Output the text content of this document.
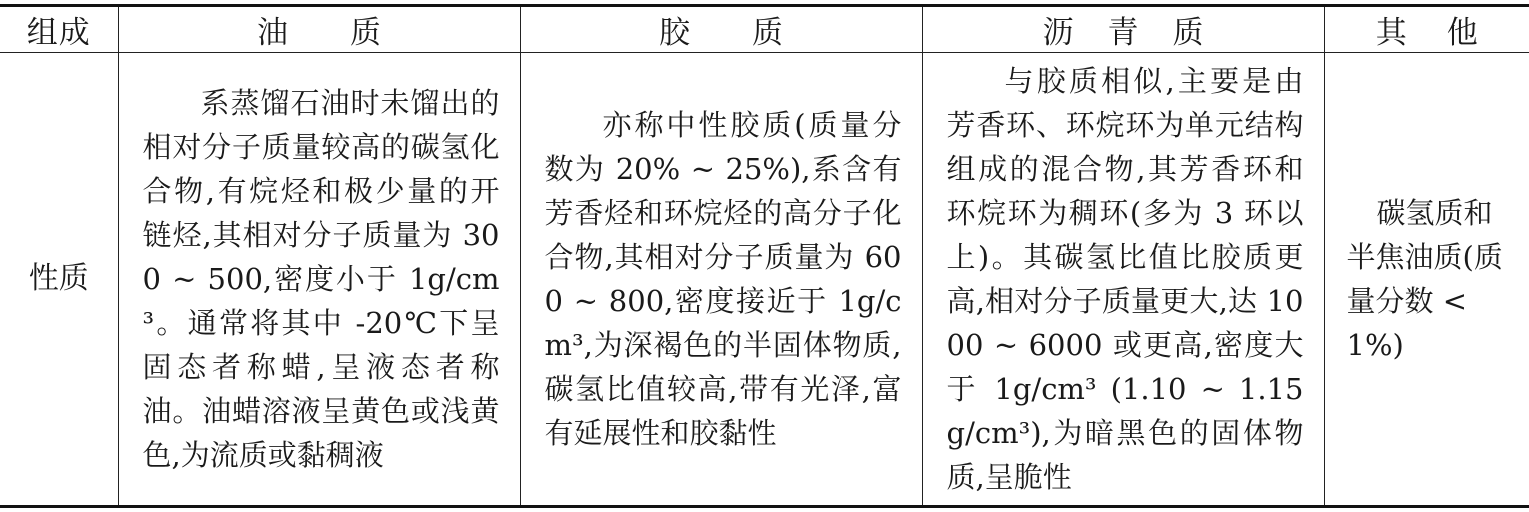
组成	油质	胶质	沥青质	其他
性质	系蒸馏石油时未馏出的相对分子质量较高的碳氢化合物,有烷烃和极少量的开链烃,其相对分子质量为 300 ~ 500,密度小于 1g/cm³。通常将其中 -20℃下呈固态者称蜡,呈液态者称油。油蜡溶液呈黄色或浅黄色,为流质或黏稠液	亦称中性胶质(质量分数为 20% ~ 25%),系含有芳香烃和环烷烃的高分子化合物,其相对分子质量为 600 ~ 800,密度接近于 1g/cm³,为深褐色的半固体物质,碳氢比值较高,带有光泽,富有延展性和胶黏性	与胶质相似,主要是由芳香环、环烷环为单元结构组成的混合物,其芳香环和环烷环为稠环(多为 3 环以上)。其碳氢比值比胶质更高,相对分子质量更大,达 1000 ~ 6000 或更高,密度大于 1g/cm³ (1.10 ~ 1.15g/cm³),为暗黑色的固体物质,呈脆性	碳氢质和半焦油质(质量分数 <1%)
